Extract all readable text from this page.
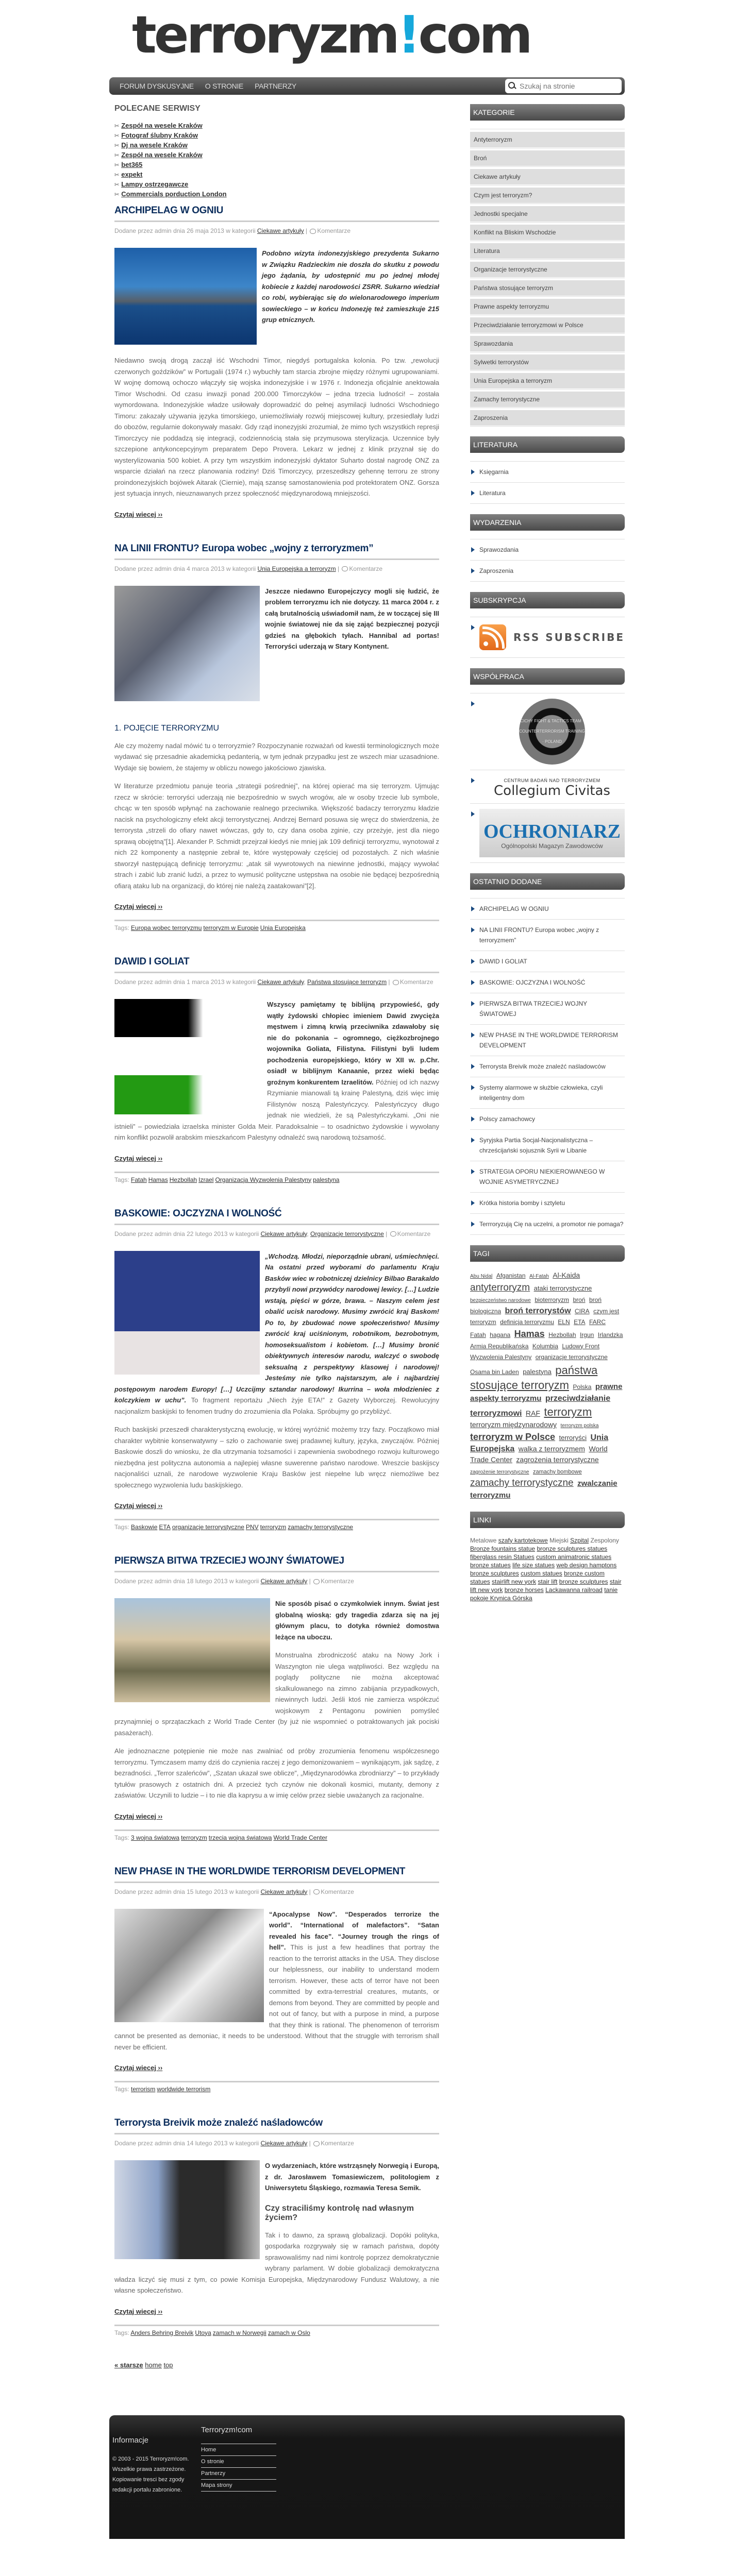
terroryzm!com
FORUM DYSKUSYJNE O STRONIE PARTNERZY
Szukaj na stronie
POLECANE SERWISY
✂ Zespół na wesele Kraków
✂ Fotograf ślubny Kraków
✂ Dj na wesele Kraków
✂ Zespół na wesele Kraków
✂ bet365
✂ expekt
✂ Lampy ostrzegawcze
✂ Commercials porduction London
ARCHIPELAG W OGNIU
Dodane przez admin dnia 26 maja 2013 w kategorii Ciekawe artykuły | Komentarze
Podobno wizyta indonezyjskiego prezydenta Sukarno w Związku Radzieckim nie doszła do skutku z powodu jego żądania, by udostępnić mu po jednej młodej kobiecie z każdej narodowości ZSRR. Sukarno wiedział co robi, wybierając się do wielonarodowego imperium sowieckiego – w końcu Indonezję też zamieszkuje 215 grup etnicznych.

Niedawno swoją drogą zaczął iść Wschodni Timor, niegdyś portugalska kolonia. Po tzw. „rewolucji czerwonych goździków” w Portugalii (1974 r.) wybuchły tam starcia zbrojne między różnymi ugrupowaniami. W wojnę domową ochoczo włączyły się wojska indonezyjskie i w 1976 r. Indonezja oficjalnie anektowała Timor Wschodni. Od czasu inwazji ponad 200.000 Timorczyków – jedna trzecia ludności! – została wymordowana. Indonezyjskie władze usiłowały doprowadzić do pełnej asymilacji ludności Wschodniego Timoru: zakazały używania języka timorskiego, uniemożliwiały rozwój miejscowej kultury, przesiedlały ludzi do obozów, regularnie dokonywały masakr. Gdy rząd inonezyjski zrozumiał, że mimo tych wszystkich represji Timorczycy nie poddadzą się integracji, codziennością stała się przymusowa sterylizacja. Uczennice były szczepione antykoncepcyjnym preparatem Depo Provera. Lekarz w jednej z klinik przyznał się do wysterylizowania 500 kobiet. A przy tym wszystkim indonezyjski dyktator Suharto dostał nagrodę ONZ za wsparcie działań na rzecz planowania rodziny! Dziś Timorczycy, przeszedłszy gehennę terroru ze strony proindonezyjskich bojówek Aitarak (Ciernie), mają szansę samostanowienia pod protektoratem ONZ. Gorsza jest sytuacja innych, nieuznawanych przez społeczność międzynarodową mniejszości.

Czytaj wiecej ››
NA LINII FRONTU? Europa wobec „wojny z terroryzmem”
Dodane przez admin dnia 4 marca 2013 w kategorii Unia Europejska a terroryzm | Komentarze
Jeszcze niedawno Europejczycy mogli się łudzić, że problem terroryzmu ich nie dotyczy. 11 marca 2004 r. z całą brutalnością uświadomił nam, że w toczącej się III wojnie światowej nie da się zająć bezpiecznej pozycji gdzieś na głębokich tyłach. Hannibal ad portas! Terroryści uderzają w Stary Kontynent.
1. POJĘCIE TERRORYZMU

Ale czy możemy nadal mówić tu o terroryzmie? Rozpoczynanie rozważań od kwestii terminologicznych może wydawać się przesadnie akademicką pedanterią, w tym jednak przypadku jest ze wszech miar uzasadnione. Wydaje się bowiem, że stajemy w obliczu nowego jakościowo zjawiska.

W literaturze przedmiotu panuje teoria „strategii pośredniej”, na której opierać ma się terroryzm. Ujmując rzecz w skrócie: terroryści uderzają nie bezpośrednio w swych wrogów, ale w osoby trzecie lub symbole, chcąc w ten sposób wpłynąć na zachowanie realnego przeciwnika. Większość badaczy terroryzmu kładzie nacisk na psychologiczny efekt akcji terrorystycznej. Andrzej Bernard posuwa się wręcz do stwierdzenia, że terrorysta „strzeli do ofiary nawet wówczas, gdy to, czy dana osoba zginie, czy przeżyje, jest dla niego sprawą obojętną”[1]. Alexander P. Schmidt przejrzał kiedyś nie mniej jak 109 definicji terroryzmu, wynotował z nich 22 komponenty a następnie zebrał te, które występowały częściej od pozostałych. Z nich właśnie stworzył następującą definicję terroryzmu: „atak sił wywrotowych na niewinne jednostki, mający wywołać strach i zabić lub zranić ludzi, a przez to wymusić polityczne ustępstwa na osobie nie będącej bezpośrednią ofiarą ataku lub na organizacji, do której nie należą zaatakowani”[2].

Czytaj wiecej ››
Tags: Europa wobec terroryzmu terroryzm w Europie Unia Europejska
DAWID I GOLIAT
Dodane przez admin dnia 1 marca 2013 w kategorii Ciekawe artykuły, Państwa stosujące terroryzm | Komentarze
Wszyscy pamiętamy tę biblijną przypowieść, gdy wątły żydowski chłopiec imieniem Dawid zwycięża męstwem i zimną krwią przeciwnika zdawałoby się nie do pokonania – ogromnego, ciężkozbrojnego wojownika Goliata, Filistyna. Filistyni byli ludem pochodzenia europejskiego, który w XII w. p.Chr. osiadł w biblijnym Kanaanie, przez wieki będąc groźnym konkurentem Izraelitów. Później od ich nazwy Rzymianie mianowali tą krainę Palestyną, dziś więc imię Filistynów noszą Palestyńczycy. Palestyńczycy długo jednak nie wiedzieli, że są Palestyńczykami. „Oni nie istnieli” – powiedziała izraelska minister Golda Meir. Paradoksalnie – to osadnictwo żydowskie i wywołany nim konflikt pozwolił arabskim mieszkańcom Palestyny odnaleźć swą narodową tożsamość.
Czytaj wiecej ››
Tags: Fatah Hamas Hezbollah Izrael Organizacja Wyzwolenia Palestyny palestyna
BASKOWIE: OJCZYZNA I WOLNOŚĆ
Dodane przez admin dnia 22 lutego 2013 w kategorii Ciekawe artykuły, Organizacje terrorystyczne | Komentarze
„Wchodzą. Młodzi, nieporządnie ubrani, uśmiechnięci. Na ostatni przed wyborami do parlamentu Kraju Basków wiec w robotniczej dzielnicy Bilbao Barakaldo przybyli nowi przywódcy narodowej lewicy. […] Ludzie wstają, pięści w górze, brawa. – Naszym celem jest obalić ucisk narodowy. Musimy zwrócić kraj Baskom! Po to, by zbudować nowe społeczeństwo! Musimy zwrócić kraj uciśnionym, robotnikom, bezrobotnym, homoseksualistom i kobietom. […] Musimy bronić obiektywnych interesów narodu, walczyć o swobodę seksualną z perspektywy klasowej i narodowej! Jesteśmy nie tylko najstarszym, ale i najbardziej postępowym narodem Europy! […] Uczcijmy sztandar narodowy! Ikurrina – woła młodzieniec z kolczykiem w uchu”. To fragment reportażu „Niech żyje ETA!” z Gazety Wyborczej. Rewolucyjny nacjonalizm baskijski to fenomen trudny do zrozumienia dla Polaka. Spróbujmy go przybliżyć.

Ruch baskijski przeszedł charakterystyczną ewolucję, w której wyróżnić możemy trzy fazy. Początkowo miał charakter wybitnie konserwatywny – szło o zachowanie swej pradawnej kultury, języka, zwyczajów. Później Baskowie doszli do wniosku, że dla utrzymania tożsamości i zapewnienia swobodnego rozwoju kulturowego niezbędna jest polityczna autonomia a najlepiej własne suwerenne państwo narodowe. Wreszcie baskijscy nacjonaliści uznali, że narodowe wyzwolenie Kraju Basków jest niepełne lub wręcz niemożliwe bez społecznego wyzwolenia ludu baskijskiego.

Czytaj wiecej ››
Tags: Baskowie ETA organizacje terrorystyczne PNV terroryzm zamachy terrorystyczne
PIERWSZA BITWA TRZECIEJ WOJNY ŚWIATOWEJ
Dodane przez admin dnia 18 lutego 2013 w kategorii Ciekawe artykuły | Komentarze
Nie sposób pisać o czymkolwiek innym. Świat jest globalną wioską: gdy tragedia zdarza się na jej głównym placu, to dotyka również domostwa leżące na uboczu.

Monstrualna zbrodniczość ataku na Nowy Jork i Waszyngton nie ulega wątpliwości. Bez względu na poglądy polityczne nie można akceptować skalkulowanego na zimno zabijania przypadkowych, niewinnych ludzi. Jeśli ktoś nie zamierza współczuć wojskowym z Pentagonu powinien pomyśleć przynajmniej o sprzątaczkach z World Trade Center (by już nie wspomnieć o potraktowanych jak pociski pasażerach).

Ale jednoznaczne potępienie nie może nas zwalniać od próby zrozumienia fenomenu współczesnego terroryzmu. Tymczasem mamy dziś do czynienia raczej z jego demonizowaniem – wynikającym, jak sądzę, z bezradności. „Terror szaleńców”, „Szatan ukazał swe oblicze”, „Międzynarodówka zbrodniarzy” – to przykłady tytułów prasowych z ostatnich dni. A przecież tych czynów nie dokonali kosmici, mutanty, demony z zaświatów. Uczynili to ludzie – i to nie dla kaprysu a w imię celów przez siebie uważanych za racjonalne.

Czytaj wiecej ››
Tags: 3 wojna światowa terroryzm trzecia wojna światowa World Trade Center
NEW PHASE IN THE WORLDWIDE TERRORISM DEVELOPMENT
Dodane przez admin dnia 15 lutego 2013 w kategorii Ciekawe artykuły | Komentarze
“Apocalypse Now”. “Desperados terrorize the world”. “International of malefactors”. “Satan revealed his face”. “Journey trough the rings of hell”. This is just a few headlines that portray the reaction to the terrorist attacks in the USA. They disclose our helplessness, our inability to understand modern terrorism. However, these acts of terror have not been committed by extra-terrestrial creatures, mutants, or demons from beyond. They are committed by people and not out of fancy, but with a purpose in mind, a purpose that they think is rational. The phenomenon of terrorism cannot be presented as demoniac, it needs to be understood. Without that the struggle with terrorism shall never be efficient.
Czytaj wiecej ››
Tags: terrorism worldwide terrorism
Terrorysta Breivik może znaleźć naśladowców
Dodane przez admin dnia 14 lutego 2013 w kategorii Ciekawe artykuły | Komentarze
O wydarzeniach, które wstrząsnęły Norwegią i Europą, z dr. Jarosławem Tomasiewiczem, politologiem z Uniwersytetu Śląskiego, rozmawia Teresa Semik.
Czy straciliśmy kontrolę nad własnym życiem?

Tak i to dawno, za sprawą globalizacji. Dopóki polityka, gospodarka rozgrywały się w ramach państwa, dopóty sprawowaliśmy nad nimi kontrolę poprzez demokratycznie wybrany parlament. W dobie globalizacji demokratyczna władza liczyć się musi z tym, co powie Komisja Europejska, Międzynarodowy Fundusz Walutowy, a nie własne społeczeństwo.

Czytaj wiecej ››
Tags: Anders Behring Breivik Utoya zamach w Norwegii zamach w Oslo
« starsze home top
KATEGORIE
Antyterroryzm
Broń
Ciekawe artykuły
Czym jest terroryzm?
Jednostki specjalne
Konflikt na Bliskim Wschodzie
Literatura
Organizacje terrorystyczne
Państwa stosujące terroryzm
Prawne aspekty terroryzmu
Przeciwdziałanie terroryzmowi w Polsce
Sprawozdania
Sylwetki terrorystów
Unia Europejska a terroryzm
Zamachy terrorystyczne
Zaproszenia
LITERATURA
Księgarnia
Literatura
WYDARZENIA
Sprawozdania
Zaproszenia
SUBSKRYPCJA
RSS SUBSCRIBE
WSPÓŁPRACA
CICHY FIGHT & TACTICS TEAM · COUNTERTERRORISM TRAINING · POLAND
CENTRUM BADAŃ NAD TERRORYZMEM
Collegium Civitas
OCHRONIARZ
Ogólnopolski Magazyn Zawodowców
OSTATNIO DODANE
ARCHIPELAG W OGNIU
NA LINII FRONTU? Europa wobec „wojny z terroryzmem”
DAWID I GOLIAT
BASKOWIE: OJCZYZNA I WOLNOŚĆ
PIERWSZA BITWA TRZECIEJ WOJNY ŚWIATOWEJ
NEW PHASE IN THE WORLDWIDE TERRORISM DEVELOPMENT
Terrorysta Breivik może znaleźć naśladowców
Systemy alarmowe w służbie człowieka, czyli inteligentny dom
Polscy zamachowcy
Syryjska Partia Socjal-Nacjonalistyczna – chrześcijański sojusznik Syrii w Libanie
STRATEGIA OPORU NIEKIEROWANEGO W WOJNIE ASYMETRYCZNEJ
Krótka historia bomby i sztyletu
Terrroryzują Cię na uczelni, a promotor nie pomaga?
TAGI
Abu Nidal Afganistan Al-Fatah Al-Kaida antyterroryzm ataki terrorystyczne bezpieczeństwo narodowe bioterroryzm broń broń biologiczna broń terrorystów CIRA czym jest terroryzm definicja terroryzmu ELN ETA FARC Fatah hagana Hamas Hezbollah Irgun Irlandzka Armia Republikańska Kolumbia Ludowy Front Wyzwolenia Palestyny organizacje terrorystyczne Osama bin Laden palestyna państwa stosujące terroryzm Polska prawne aspekty terroryzmu przeciwdziałanie terroryzmowi RAF terroryzm terroryzm międzynarodowy terroryzm polska terroryzm w Polsce terroryści Unia Europejska walka z terroryzmem World Trade Center zagrożenia terrorystyczne zagrożenie terrorystyczne zamachy bombowe zamachy terrorystyczne zwalczanie terroryzmu
LINKI
Metalowe szafy kartotekowe Miejski Szpital Zespolony Bronze fountains statue bronze sculptures statues fiberglass resin Statues custom animatronic statues bronze statues life size statues web design hamptons bronze sculptures custom statues bronze custom statues stairlift new york stair lift bronze sculptures stair lift new york bronze horses Lackawanna railroad tanie pokoje Krynica Górska
Informacje

© 2003 - 2015 Terroryzm!com. Wszelkie prawa zastrzeżone. Kopiowanie tresci bez zgody redakcji portalu zabronione.

Terroryzm!com
Home
O stronie
Partnerzy
Mapa strony
